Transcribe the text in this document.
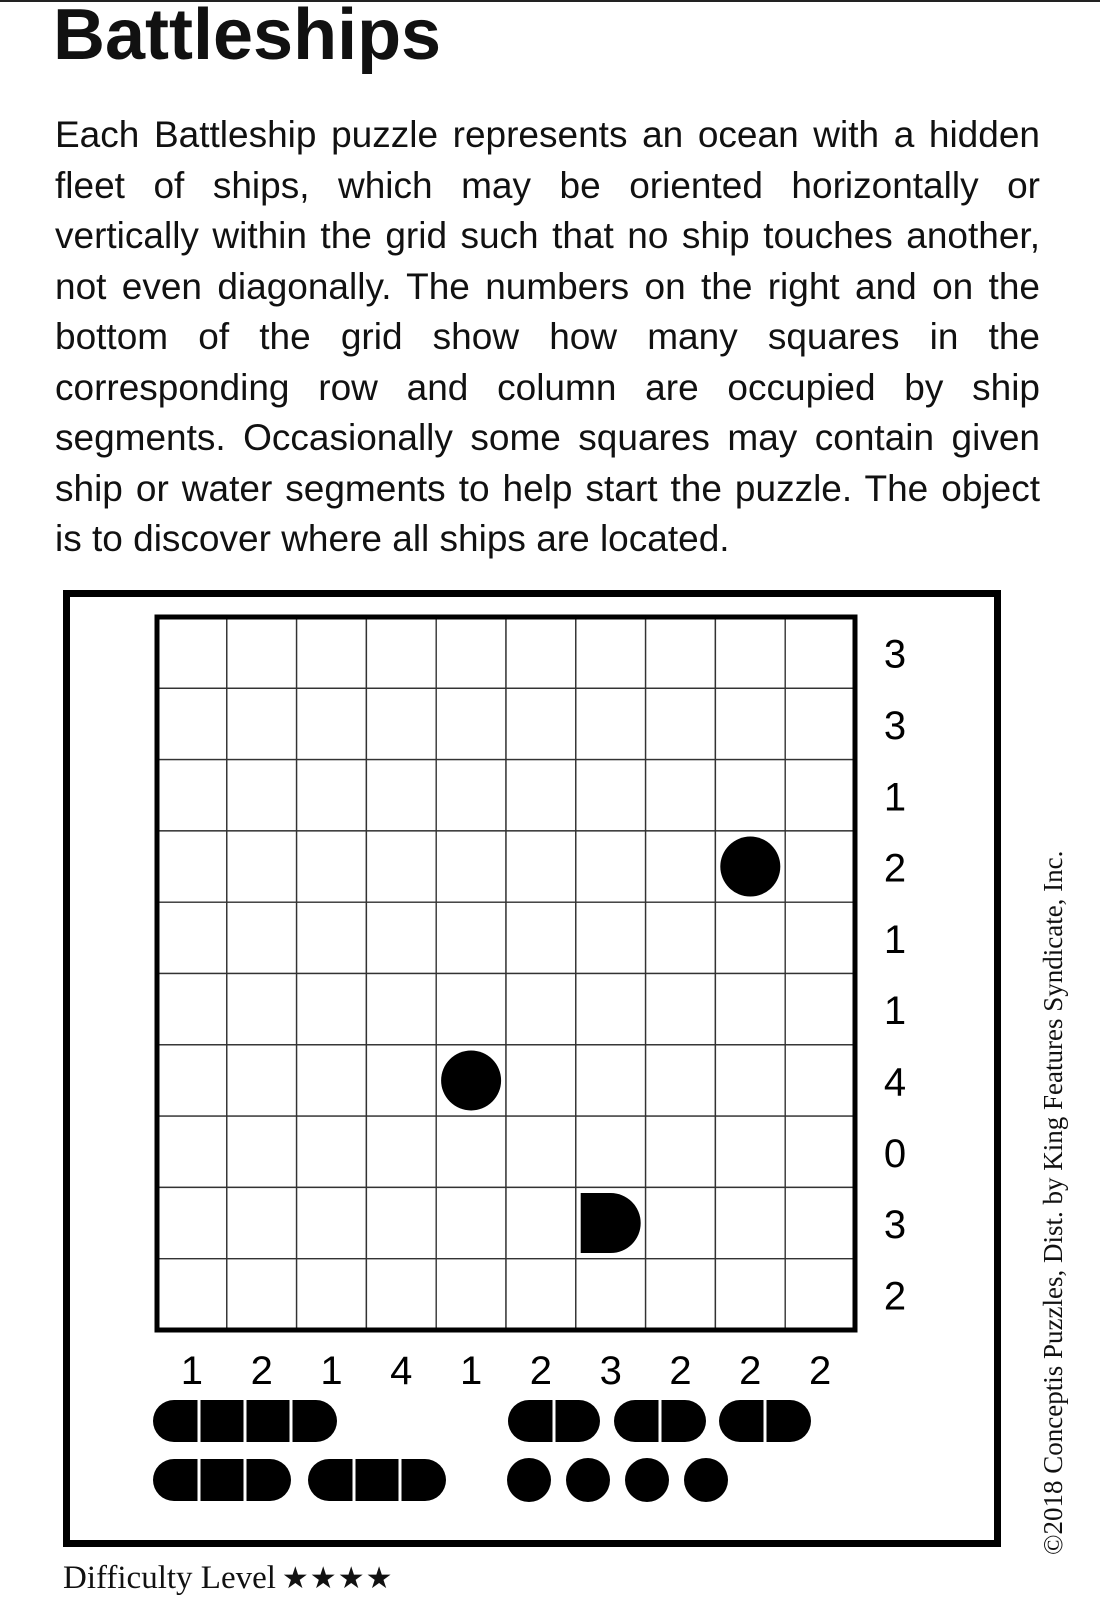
Battleships

Each Battleship puzzle represents an ocean with a hidden fleet of ships, which may be oriented horizontally or vertically within the grid such that no ship touches another, not even diagonally. The numbers on the right and on the bottom of the grid show how many squares in the corresponding row and column are occupied by ship segments. Occasionally some squares may contain given ship or water segments to help start the puzzle. The object is to discover where all ships are located.

3
3
1
2
1
1
4
0
3
2
1 2 1 4 1 2 3 2 2 2	©2018 Conceptis Puzzles, Dist. by King Features Syndicate, Inc.
Difficulty Level ★★★★
